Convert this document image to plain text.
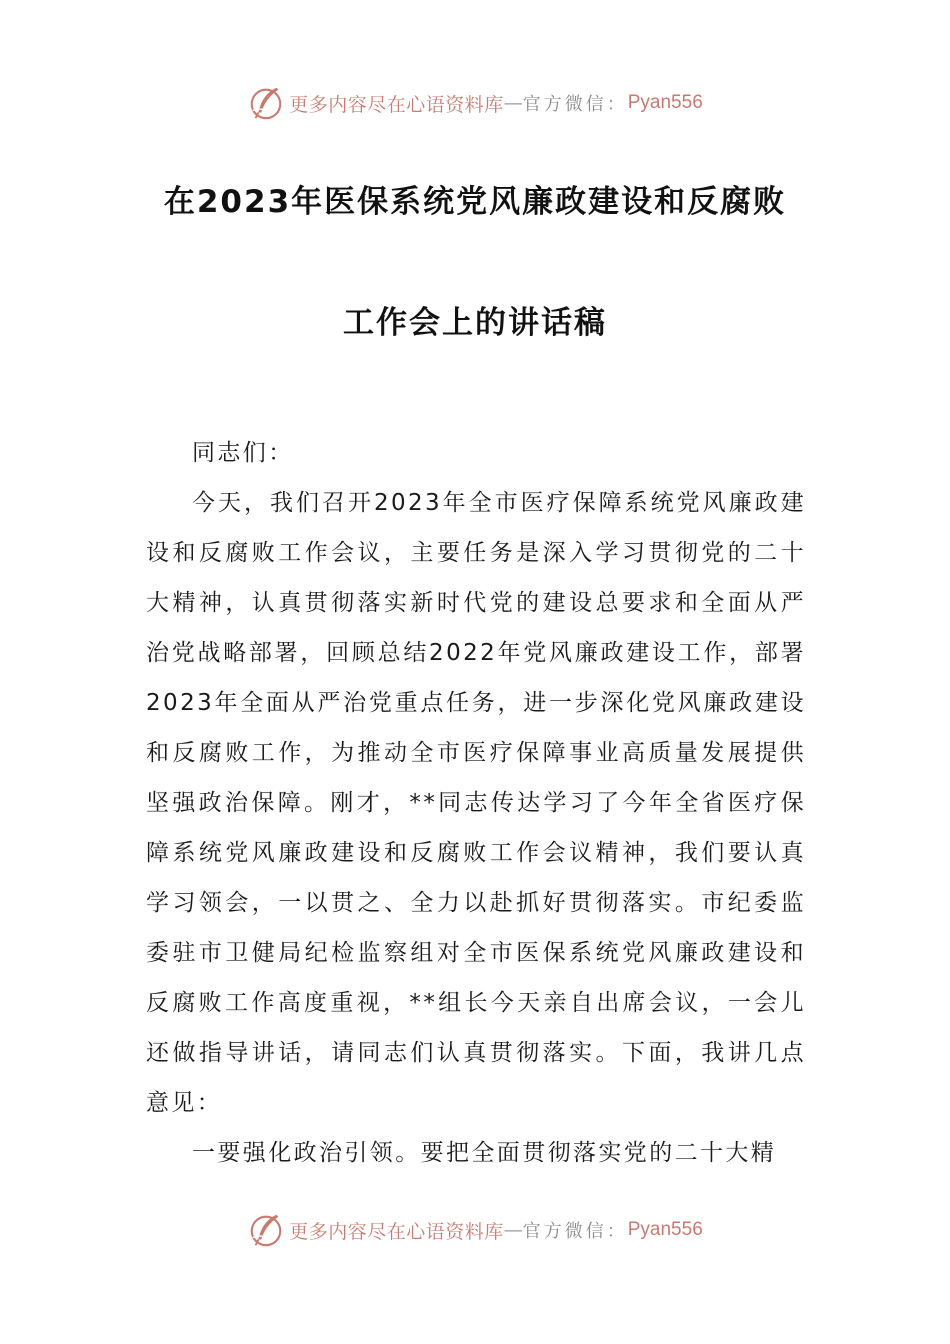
更多内容尽在心语资料库 — 官方微信： Pyan556
在2023年医保系统党风廉政建设和反腐败
工作会上的讲话稿

同志们：

今天，我们召开2023年全市医疗保障系统党风廉政建设和反腐败工作会议，主要任务是深入学习贯彻党的二十大精神，认真贯彻落实新时代党的建设总要求和全面从严治党战略部署，回顾总结2022年党风廉政建设工作，部署2023年全面从严治党重点任务，进一步深化党风廉政建设和反腐败工作，为推动全市医疗保障事业高质量发展提供坚强政治保障。刚才，**同志传达学习了今年全省医疗保障系统党风廉政建设和反腐败工作会议精神，我们要认真学习领会，一以贯之、全力以赴抓好贯彻落实。市纪委监委驻市卫健局纪检监察组对全市医保系统党风廉政建设和反腐败工作高度重视，**组长今天亲自出席会议，一会儿还做指导讲话，请同志们认真贯彻落实。下面，我讲几点意见：

一要强化政治引领。要把全面贯彻落实党的二十大精

更多内容尽在心语资料库 — 官方微信： Pyan556
